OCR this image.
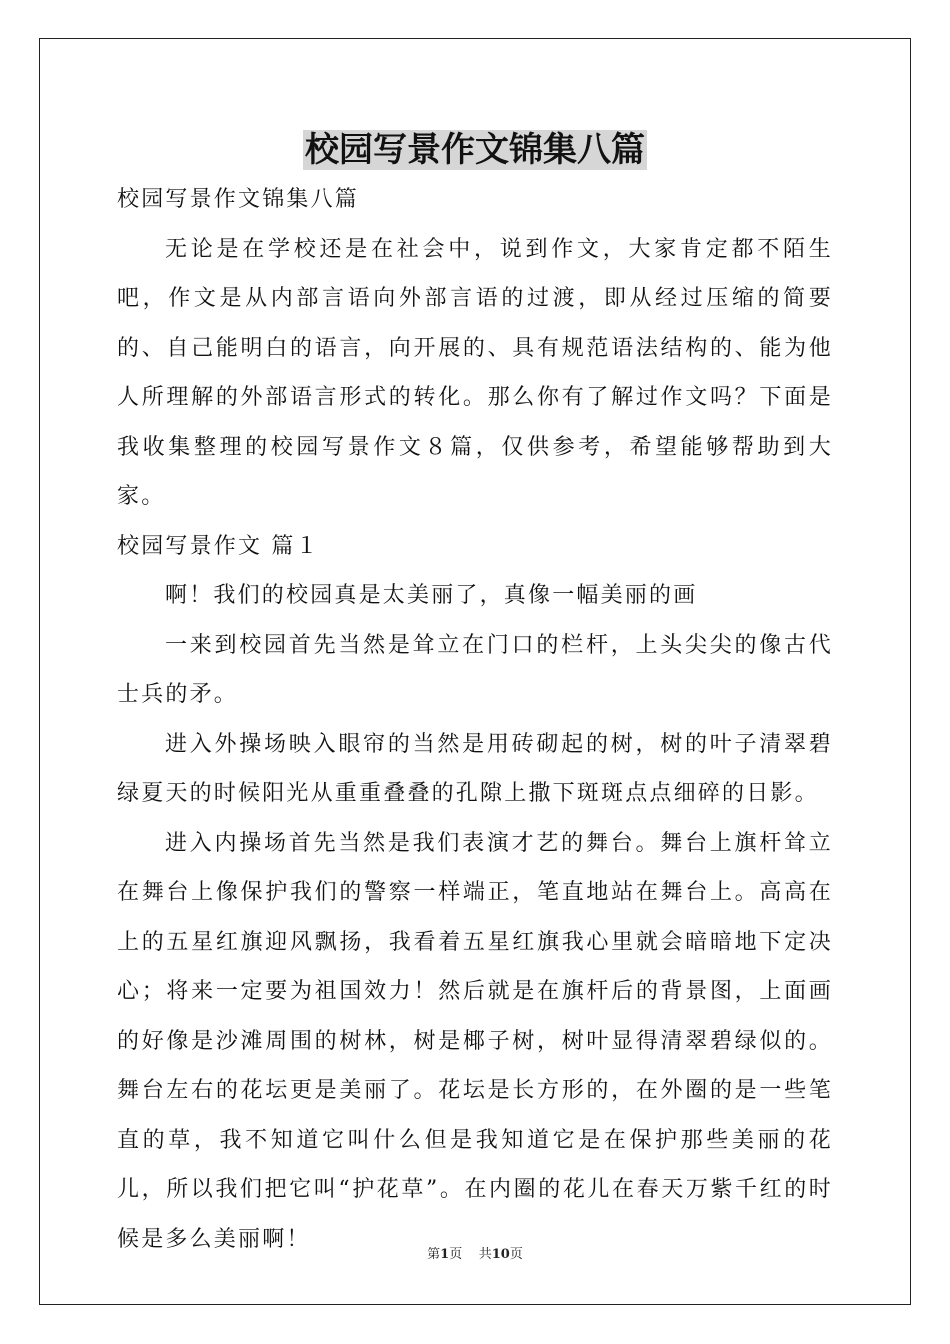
校园写景作文锦集八篇

校园写景作文锦集八篇

无论是在学校还是在社会中，说到作文，大家肯定都不陌生吧，作文是从内部言语向外部言语的过渡，即从经过压缩的简要的、自己能明白的语言，向开展的、具有规范语法结构的、能为他人所理解的外部语言形式的转化。那么你有了解过作文吗？下面是我收集整理的校园写景作文８篇，仅供参考，希望能够帮助到大家。

校园写景作文 篇１

啊！我们的校园真是太美丽了，真像一幅美丽的画

一来到校园首先当然是耸立在门口的栏杆，上头尖尖的像古代士兵的矛。

进入外操场映入眼帘的当然是用砖砌起的树，树的叶子清翠碧绿夏天的时候阳光从重重叠叠的孔隙上撒下斑斑点点细碎的日影。

进入内操场首先当然是我们表演才艺的舞台。舞台上旗杆耸立在舞台上像保护我们的警察一样端正，笔直地站在舞台上。高高在上的五星红旗迎风飘扬，我看着五星红旗我心里就会暗暗地下定决心；将来一定要为祖国效力！然后就是在旗杆后的背景图，上面画的好像是沙滩周围的树林，树是椰子树，树叶显得清翠碧绿似的。舞台左右的花坛更是美丽了。花坛是长方形的，在外圈的是一些笔直的草，我不知道它叫什么但是我知道它是在保护那些美丽的花儿，所以我们把它叫“护花草”。在内圈的花儿在春天万紫千红的时候是多么美丽啊！

第1页 共10页
